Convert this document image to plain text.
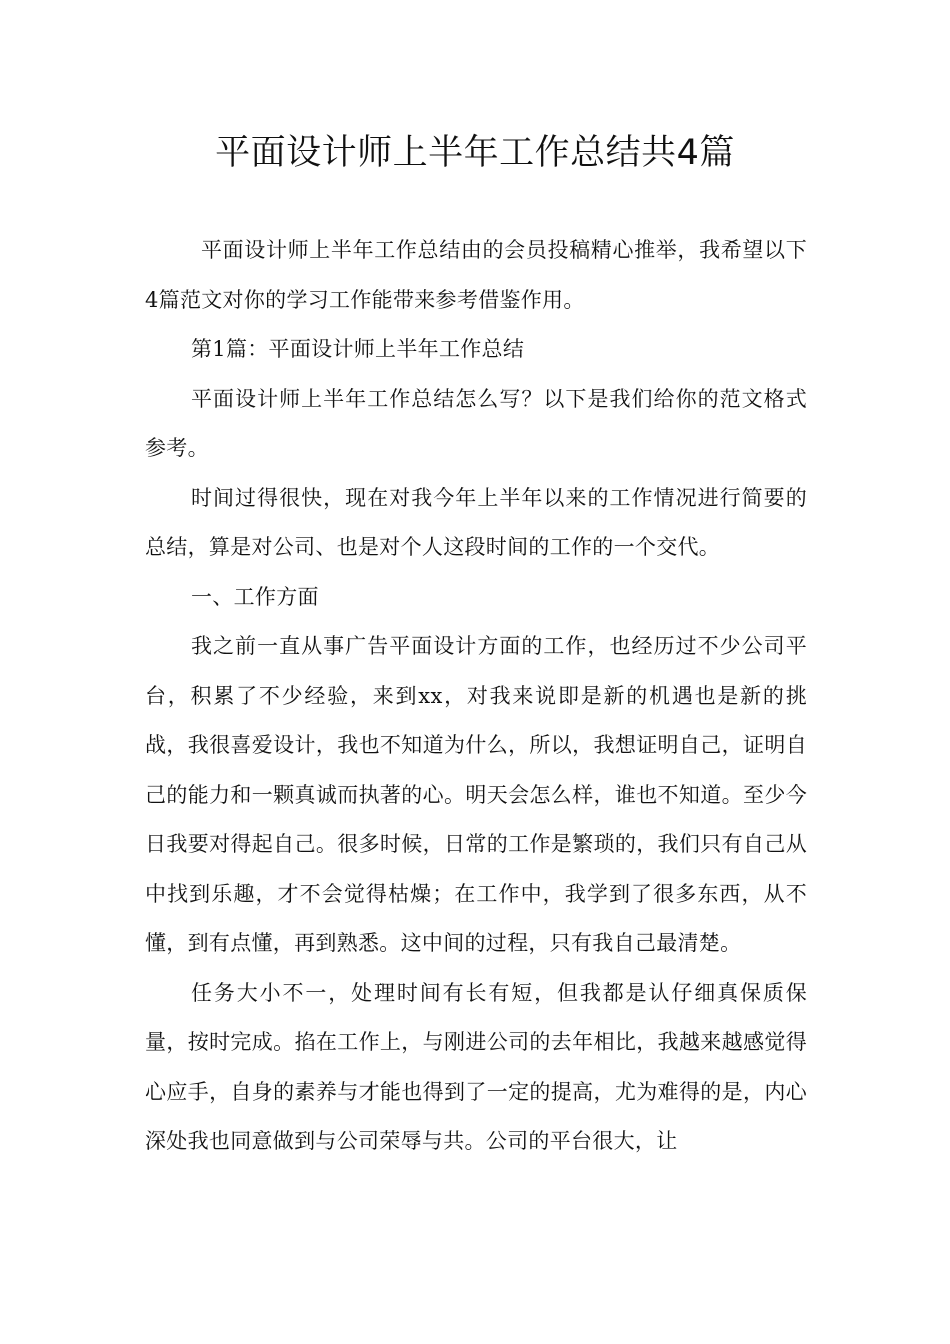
平面设计师上半年工作总结共4篇

平面设计师上半年工作总结由的会员投稿精心推举，我希望以下4篇范文对你的学习工作能带来参考借鉴作用。

第1篇：平面设计师上半年工作总结

平面设计师上半年工作总结怎么写？以下是我们给你的范文格式参考。

时间过得很快，现在对我今年上半年以来的工作情况进行简要的总结，算是对公司、也是对个人这段时间的工作的一个交代。

一、工作方面

我之前一直从事广告平面设计方面的工作，也经历过不少公司平台，积累了不少经验，来到xx，对我来说即是新的机遇也是新的挑战，我很喜爱设计，我也不知道为什么，所以，我想证明自己，证明自己的能力和一颗真诚而执著的心。明天会怎么样，谁也不知道。至少今日我要对得起自己。很多时候，日常的工作是繁琐的，我们只有自己从中找到乐趣，才不会觉得枯燥；在工作中，我学到了很多东西，从不懂，到有点懂，再到熟悉。这中间的过程，只有我自己最清楚。

任务大小不一，处理时间有长有短，但我都是认仔细真保质保量，按时完成。掐在工作上，与刚进公司的去年相比，我越来越感觉得心应手，自身的素养与才能也得到了一定的提高，尤为难得的是，内心深处我也同意做到与公司荣辱与共。公司的平台很大，让
